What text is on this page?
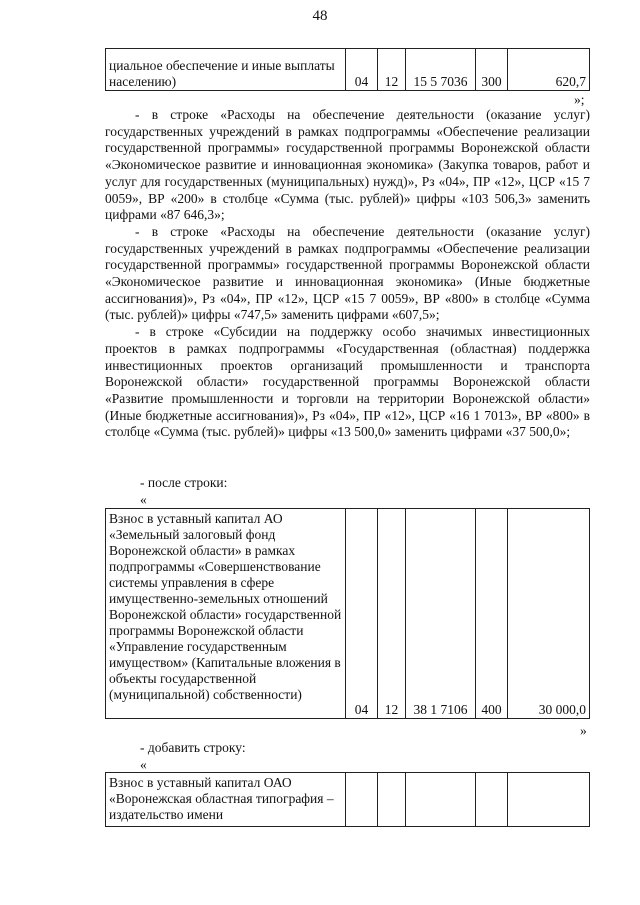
48
циальное обеспечение и иные выплаты населению)	04	12	15 5 7036	300	620,7
»;

- в строке «Расходы на обеспечение деятельности (оказание услуг) государственных учреждений в рамках подпрограммы «Обеспечение реализации государственной программы» государственной программы Воронежской области «Экономическое развитие и инновационная экономика» (Закупка товаров, работ и услуг для государственных (муниципальных) нужд)», Рз «04», ПР «12», ЦСР «15 7 0059», ВР «200» в столбце «Сумма (тыс. рублей)» цифры «103 506,3» заменить цифрами «87 646,3»;

- в строке «Расходы на обеспечение деятельности (оказание услуг) государственных учреждений в рамках подпрограммы «Обеспечение реализации государственной программы» государственной программы Воронежской области «Экономическое развитие и инновационная экономика» (Иные бюджетные ассигнования)», Рз «04», ПР «12», ЦСР «15 7 0059», ВР «800» в столбце «Сумма (тыс. рублей)» цифры «747,5» заменить цифрами «607,5»;

- в строке «Субсидии на поддержку особо значимых инвестиционных проектов в рамках подпрограммы «Государственная (областная) поддержка инвестиционных проектов организаций промышленности и транспорта Воронежской области» государственной программы Воронежской области «Развитие промышленности и торговли на территории Воронежской области» (Иные бюджетные ассигнования)», Рз «04», ПР «12», ЦСР «16 1 7013», ВР «800» в столбце «Сумма (тыс. рублей)» цифры «13 500,0» заменить цифрами «37 500,0»;

- после строки:
«
Взнос в уставный капитал АО «Земельный залоговый фонд Воронежской области» в рамках подпрограммы «Совершенствование системы управления в сфере имущественно-земельных отношений Воронежской области» государственной программы Воронежской области «Управление государственным имуществом» (Капитальные вложения в объекты государственной (муниципальной) собственности)	04	12	38 1 7106	400	30 000,0
»
- добавить строку:
«
Взнос в уставный капитал ОАО «Воронежская областная типография – издательство имени					
